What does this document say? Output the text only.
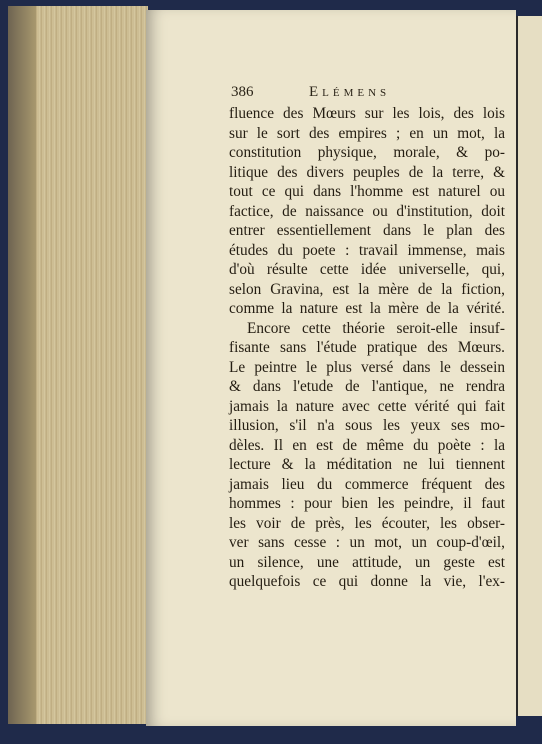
386	Elémens
fluence des Mœurs sur les lois, des lois
sur le sort des empires ; en un mot, la
constitution physique, morale, & po-
litique des divers peuples de la terre, &
tout ce qui dans l'homme est naturel ou
factice, de naissance ou d'institution, doit
entrer essentiellement dans le plan des
études du poete : travail immense, mais
d'où résulte cette idée universelle, qui,
selon Gravina, est la mère de la fiction,
comme la nature est la mère de la vérité.
Encore cette théorie seroit-elle insuf-
fisante sans l'étude pratique des Mœurs.
Le peintre le plus versé dans le dessein
& dans l'etude de l'antique, ne rendra
jamais la nature avec cette vérité qui fait
illusion, s'il n'a sous les yeux ses mo-
dèles. Il en est de même du poète : la
lecture & la méditation ne lui tiennent
jamais lieu du commerce fréquent des
hommes : pour bien les peindre, il faut
les voir de près, les écouter, les obser-
ver sans cesse : un mot, un coup-d'œil,
un silence, une attitude, un geste est
quelquefois ce qui donne la vie, l'ex-
